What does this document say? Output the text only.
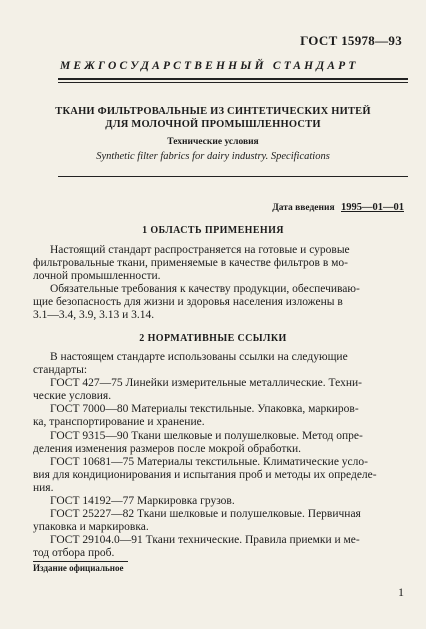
ГОСТ 15978—93
МЕЖГОСУДАРСТВЕННЫЙ СТАНДАРТ
ТКАНИ ФИЛЬТРОВАЛЬНЫЕ ИЗ СИНТЕТИЧЕСКИХ НИТЕЙ
ДЛЯ МОЛОЧНОЙ ПРОМЫШЛЕННОСТИ
Технические условия
Synthetic filter fabrics for dairy industry. Specifications
Дата введения 1995—01—01
1 ОБЛАСТЬ ПРИМЕНЕНИЯ

Настоящий стандарт распространяется на готовые и суровые
фильтровальные ткани, применяемые в качестве фильтров в мо-
лочной промышленности.

Обязательные требования к качеству продукции, обеспечиваю-
щие безопасность для жизни и здоровья населения изложены в
3.1—3.4, 3.9, 3.13 и 3.14.

2 НОРМАТИВНЫЕ ССЫЛКИ

В настоящем стандарте использованы ссылки на следующие
стандарты:
ГОСТ 427—75 Линейки измерительные металлические. Техни-
ческие условия.
ГОСТ 7000—80 Материалы текстильные. Упаковка, маркиров-
ка, транспортирование и хранение.
ГОСТ 9315—90 Ткани шелковые и полушелковые. Метод опре-
деления изменения размеров после мокрой обработки.
ГОСТ 10681—75 Материалы текстильные. Климатические усло-
вия для кондиционирования и испытания проб и методы их определе-
ния.
ГОСТ 14192—77 Маркировка грузов.
ГОСТ 25227—82 Ткани шелковые и полушелковые. Первичная
упаковка и маркировка.
ГОСТ 29104.0—91 Ткани технические. Правила приемки и ме-
тод отбора проб.

Издание официальное
1
